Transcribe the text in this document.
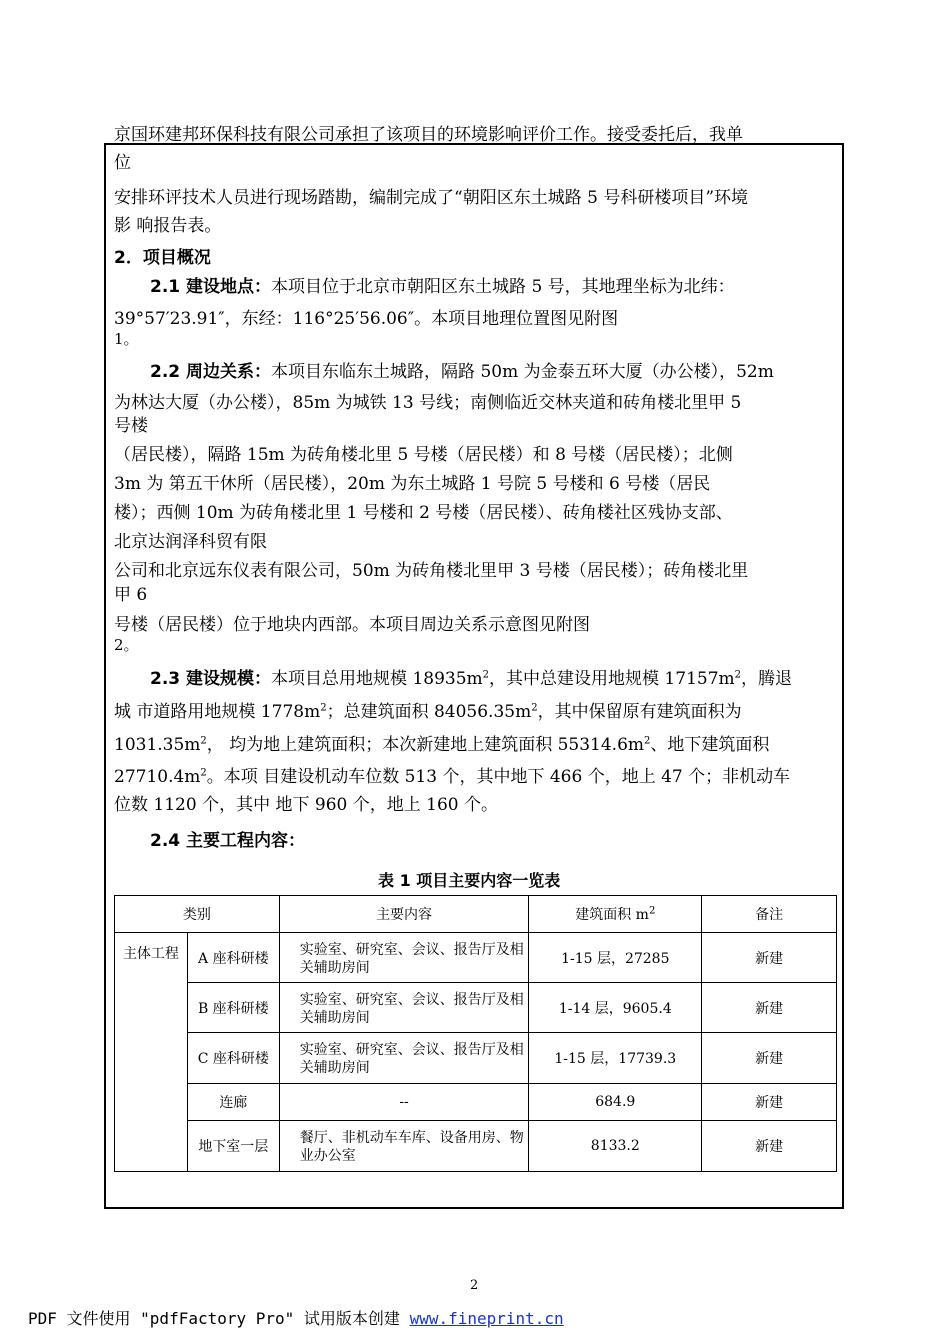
京国环建邦环保科技有限公司承担了该项目的环境影响评价工作。接受委托后，我单
位
安排环评技术人员进行现场踏勘，编制完成了“朝阳区东土城路 5 号科研楼项目”环境
影 响报告表。
2．项目概况
2.1 建设地点：本项目位于北京市朝阳区东土城路 5 号，其地理坐标为北纬：
39°57′23.91″，东经：116°25′56.06″。本项目地理位置图见附图
1。
2.2 周边关系：本项目东临东土城路，隔路 50m 为金泰五环大厦（办公楼），52m
为林达大厦（办公楼），85m 为城铁 13 号线；南侧临近交林夹道和砖角楼北里甲 5
号楼
（居民楼），隔路 15m 为砖角楼北里 5 号楼（居民楼）和 8 号楼（居民楼）；北侧
3m 为 第五干休所（居民楼），20m 为东土城路 1 号院 5 号楼和 6 号楼（居民
楼）；西侧 10m 为砖角楼北里 1 号楼和 2 号楼（居民楼）、砖角楼社区残协支部、
北京达润泽科贸有限
公司和北京远东仪表有限公司，50m 为砖角楼北里甲 3 号楼（居民楼）；砖角楼北里
甲 6
号楼（居民楼）位于地块内西部。本项目周边关系示意图见附图
2。
2.3 建设规模：本项目总用地规模 $18935m^2$，其中总建设用地规模 $17157m^2$，腾退
城 市道路用地规模 $1778m^2$；总建筑面积 $84056.35m^2$，其中保留原有建筑面积为
$1031.35m^2$， 均为地上建筑面积；本次新建地上建筑面积 $55314.6m^2$、地下建筑面积
$27710.4m^2$。本项 目建设机动车位数 513 个，其中地下 466 个，地上 47 个；非机动车
位数 1120 个，其中 地下 960 个，地上 160 个。
2.4 主要工程内容：
表 1 项目主要内容一览表
类别		主要内容	建筑面积 $m^2$	备注
主体工程	A 座科研楼	实验室、研究室、会议、报告厅及相关辅助房间	1-15 层，27285	新建
	B 座科研楼	实验室、研究室、会议、报告厅及相关辅助房间	1-14 层，9605.4	新建
	C 座科研楼	实验室、研究室、会议、报告厅及相关辅助房间	1-15 层，17739.3	新建
	连廊	--	684.9	新建
	地下室一层	餐厅、非机动车车库、设备用房、物业办公室	8133.2	新建
2
PDF 文件使用 "pdfFactory Pro" 试用版本创建 www.fineprint.cn
